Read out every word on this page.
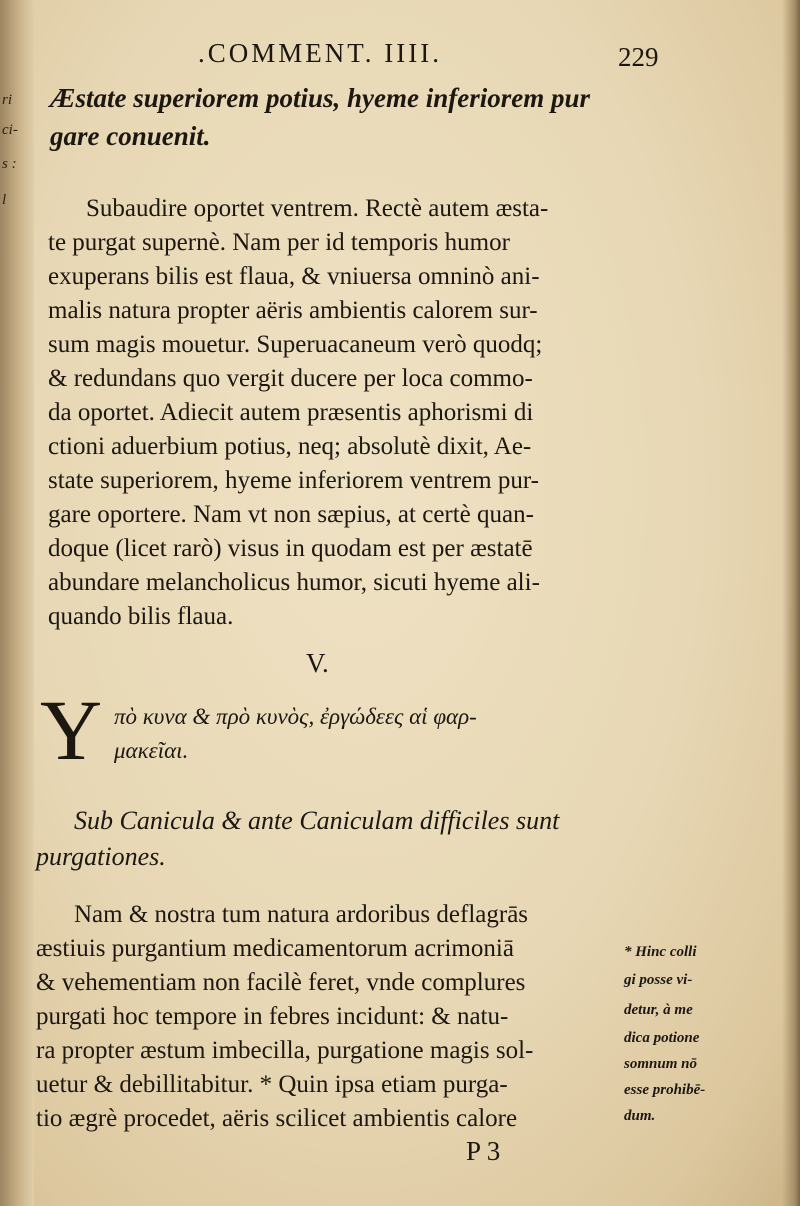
ri
ci-
s :
l
.COMMENT. IIII.	229
Æstate superiorem potius, hyeme inferiorem pur
gare conuenit.
Subaudire oportet ventrem. Rectè autem æsta-
te purgat supernè. Nam per id temporis humor
exuperans bilis est flaua, & vniuersa omninò ani-
malis natura propter aëris ambientis calorem sur-
sum magis mouetur. Superuacaneum verò quodq;
& redundans quo vergit ducere per loca commo-
da oportet. Adiecit autem præsentis aphorismi di
ctioni aduerbium potius, neq; absolutè dixit, Ae-
state superiorem, hyeme inferiorem ventrem pur-
gare oportere. Nam vt non sæpius, at certè quan-
doque (licet rarò) visus in quodam est per æstatē
abundare melancholicus humor, sicuti hyeme ali-
quando bilis flaua.
V.
Y πὸ κυνα & πρὸ κυνὸς, ἐργώδεες αἱ φαρ-
μακεῖαι.
Sub Canicula & ante Caniculam difficiles sunt
purgationes.
Nam & nostra tum natura ardoribus deflagrās
æstiuis purgantium medicamentorum acrimoniā
& vehementiam non facilè feret, vnde complures
purgati hoc tempore in febres incidunt: & natu-
ra propter æstum imbecilla, purgatione magis sol-
uetur & debillitabitur. * Quin ipsa etiam purga-
tio ægrè procedet, aëris scilicet ambientis calore
* Hinc colli
gi posse vi-
detur, à me
dica potione
somnum nō
esse prohibē-
dum.
P 3
